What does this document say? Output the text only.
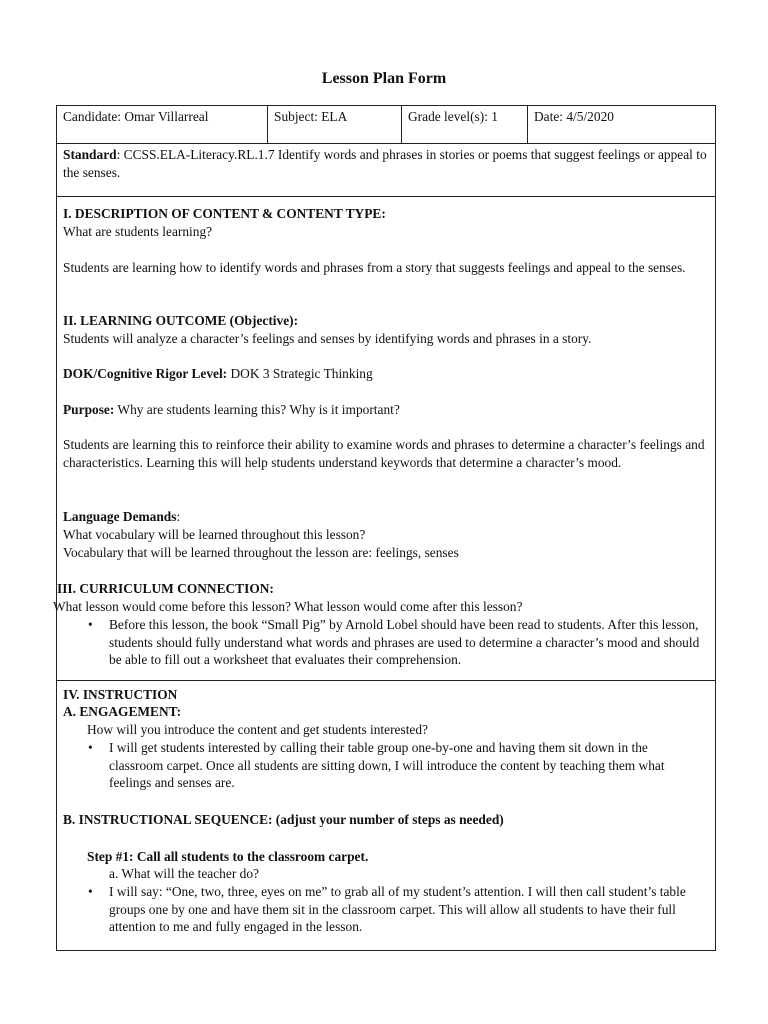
Lesson Plan Form
Candidate: Omar Villarreal	Subject: ELA	Grade level(s): 1	Date: 4/5/2020
Standard: CCSS.ELA-Literacy.RL.1.7 Identify words and phrases in stories or poems that suggest feelings or appeal to the senses.
I. DESCRIPTION OF CONTENT & CONTENT TYPE:
What are students learning?
Students are learning how to identify words and phrases from a story that suggests feelings and appeal to the senses.
II. LEARNING OUTCOME (Objective):
Students will analyze a character’s feelings and senses by identifying words and phrases in a story.
DOK/Cognitive Rigor Level: DOK 3 Strategic Thinking
Purpose: Why are students learning this? Why is it important?
Students are learning this to reinforce their ability to examine words and phrases to determine a character’s feelings and characteristics. Learning this will help students understand keywords that determine a character’s mood.
Language Demands:
What vocabulary will be learned throughout this lesson?
Vocabulary that will be learned throughout the lesson are: feelings, senses
III. CURRICULUM CONNECTION:
What lesson would come before this lesson? What lesson would come after this lesson?
• Before this lesson, the book “Small Pig” by Arnold Lobel should have been read to students. After this lesson, students should fully understand what words and phrases are used to determine a character’s mood and should be able to fill out a worksheet that evaluates their comprehension.
IV. INSTRUCTION
A. ENGAGEMENT:
How will you introduce the content and get students interested?
• I will get students interested by calling their table group one-by-one and having them sit down in the classroom carpet. Once all students are sitting down, I will introduce the content by teaching them what feelings and senses are.
B. INSTRUCTIONAL SEQUENCE: (adjust your number of steps as needed)
Step #1: Call all students to the classroom carpet.
a. What will the teacher do?
• I will say: “One, two, three, eyes on me” to grab all of my student’s attention. I will then call student’s table groups one by one and have them sit in the classroom carpet. This will allow all students to have their full attention to me and fully engaged in the lesson.
